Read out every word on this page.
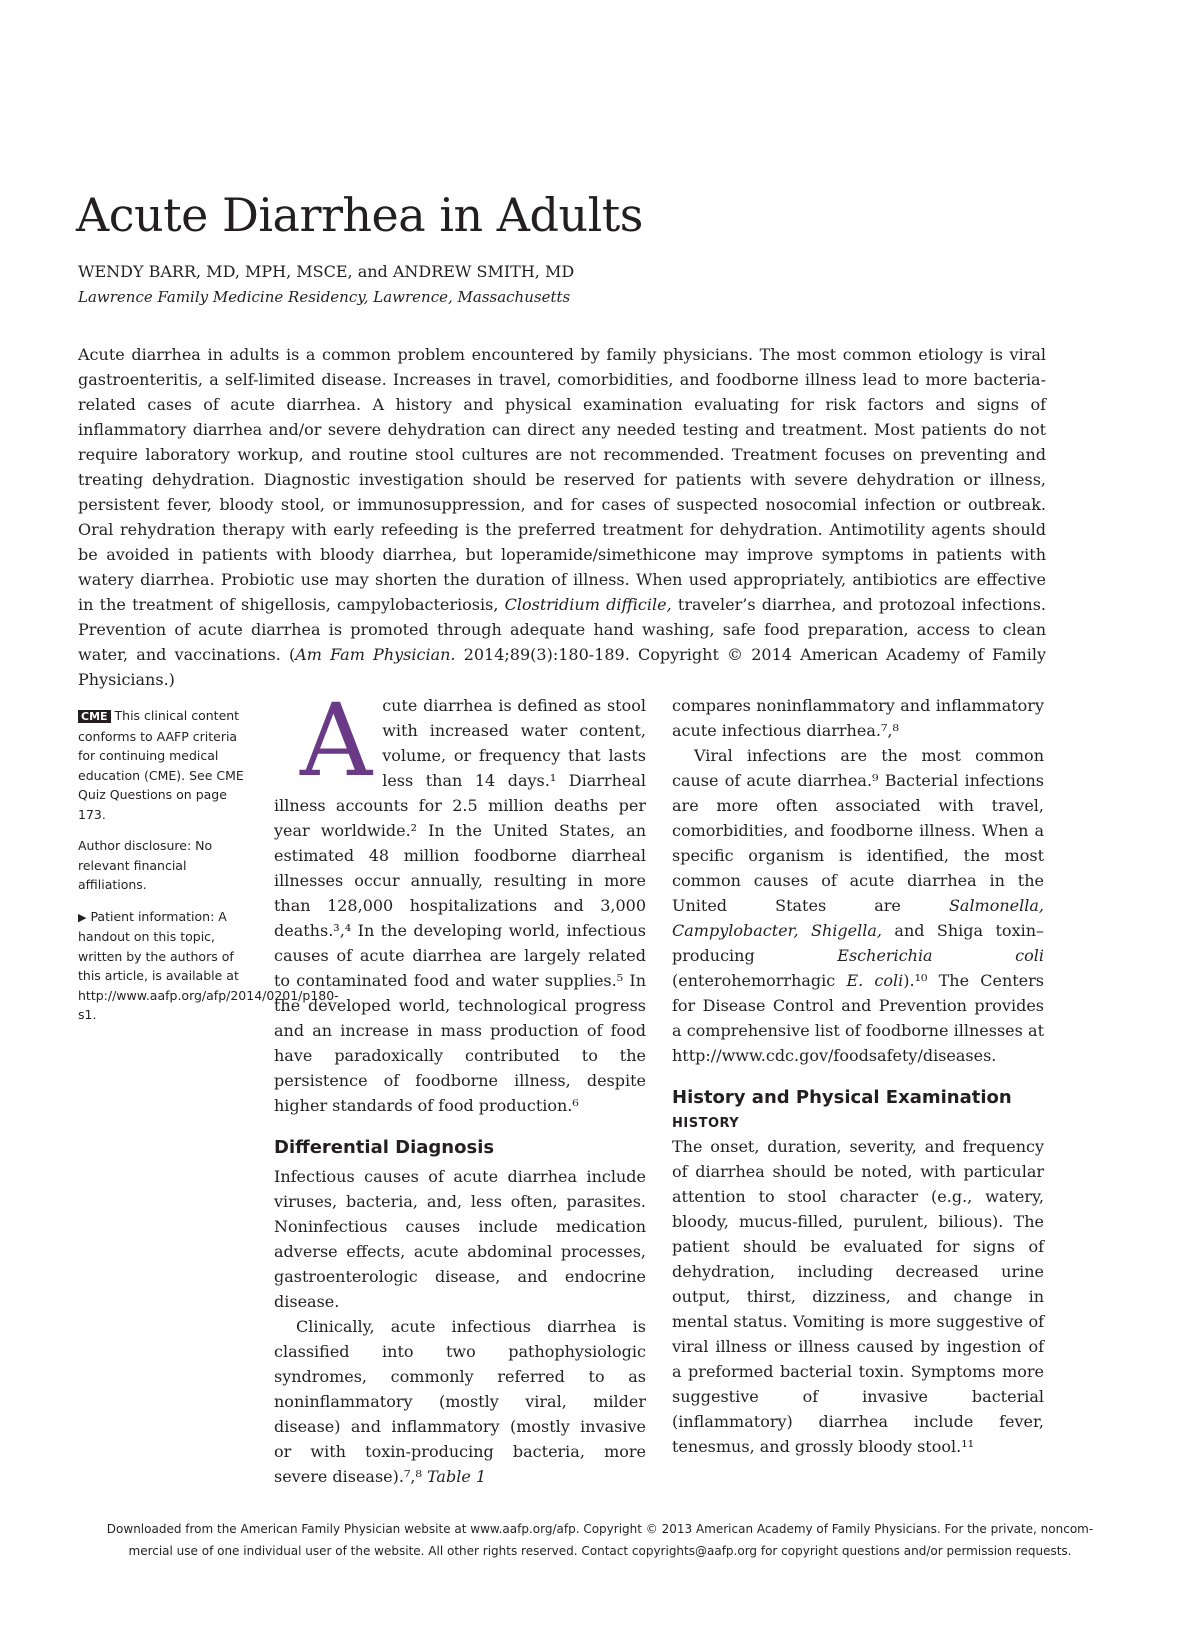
Acute Diarrhea in Adults
WENDY BARR, MD, MPH, MSCE, and ANDREW SMITH, MD
Lawrence Family Medicine Residency, Lawrence, Massachusetts

Acute diarrhea in adults is a common problem encountered by family physicians. The most common etiology is viral gastroenteritis, a self-limited disease. Increases in travel, comorbidities, and foodborne illness lead to more bacteria-related cases of acute diarrhea. A history and physical examination evaluating for risk factors and signs of inflammatory diarrhea and/or severe dehydration can direct any needed testing and treatment. Most patients do not require laboratory workup, and routine stool cultures are not recommended. Treatment focuses on preventing and treating dehydration. Diagnostic investigation should be reserved for patients with severe dehydration or illness, persistent fever, bloody stool, or immunosuppression, and for cases of suspected nosocomial infection or outbreak. Oral rehydration therapy with early refeeding is the preferred treatment for dehydration. Antimotility agents should be avoided in patients with bloody diarrhea, but loperamide/simethicone may improve symptoms in patients with watery diarrhea. Probiotic use may shorten the duration of illness. When used appropriately, antibiotics are effective in the treatment of shigellosis, campylobacteriosis, Clostridium difficile, traveler’s diarrhea, and protozoal infections. Prevention of acute diarrhea is promoted through adequate hand washing, safe food preparation, access to clean water, and vaccinations. (Am Fam Physician. 2014;89(3):180-189. Copyright © 2014 American Academy of Family Physicians.)

CME This clinical content conforms to AAFP criteria for continuing medical education (CME). See CME Quiz Questions on page 173.

Author disclosure: No relevant financial affiliations.

▶ Patient information: A handout on this topic, written by the authors of this article, is available at http://www.aafp.org/afp/2014/0201/p180-s1.

Acute diarrhea is defined as stool with increased water content, volume, or frequency that lasts less than 14 days.¹ Diarrheal illness accounts for 2.5 million deaths per year worldwide.² In the United States, an estimated 48 million foodborne diarrheal illnesses occur annually, resulting in more than 128,000 hospitalizations and 3,000 deaths.³,⁴ In the developing world, infectious causes of acute diarrhea are largely related to contaminated food and water supplies.⁵ In the developed world, technological progress and an increase in mass production of food have paradoxically contributed to the persistence of foodborne illness, despite higher standards of food production.⁶

Differential Diagnosis

Infectious causes of acute diarrhea include viruses, bacteria, and, less often, parasites. Noninfectious causes include medication adverse effects, acute abdominal processes, gastroenterologic disease, and endocrine disease.

Clinically, acute infectious diarrhea is classified into two pathophysiologic syndromes, commonly referred to as noninflammatory (mostly viral, milder disease) and inflammatory (mostly invasive or with toxin-producing bacteria, more severe disease).⁷,⁸ Table 1

compares noninflammatory and inflammatory acute infectious diarrhea.⁷,⁸

Viral infections are the most common cause of acute diarrhea.⁹ Bacterial infections are more often associated with travel, comorbidities, and foodborne illness. When a specific organism is identified, the most common causes of acute diarrhea in the United States are Salmonella, Campylobacter, Shigella, and Shiga toxin–producing Escherichia coli (enterohemorrhagic E. coli).¹⁰ The Centers for Disease Control and Prevention provides a comprehensive list of foodborne illnesses at http://www.cdc.gov/foodsafety/diseases.

History and Physical Examination
HISTORY

The onset, duration, severity, and frequency of diarrhea should be noted, with particular attention to stool character (e.g., watery, bloody, mucus-filled, purulent, bilious). The patient should be evaluated for signs of dehydration, including decreased urine output, thirst, dizziness, and change in mental status. Vomiting is more suggestive of viral illness or illness caused by ingestion of a preformed bacterial toxin. Symptoms more suggestive of invasive bacterial (inflammatory) diarrhea include fever, tenesmus, and grossly bloody stool.¹¹

Downloaded from the American Family Physician website at www.aafp.org/afp. Copyright © 2013 American Academy of Family Physicians. For the private, noncom-
mercial use of one individual user of the website. All other rights reserved. Contact copyrights@aafp.org for copyright questions and/or permission requests.
